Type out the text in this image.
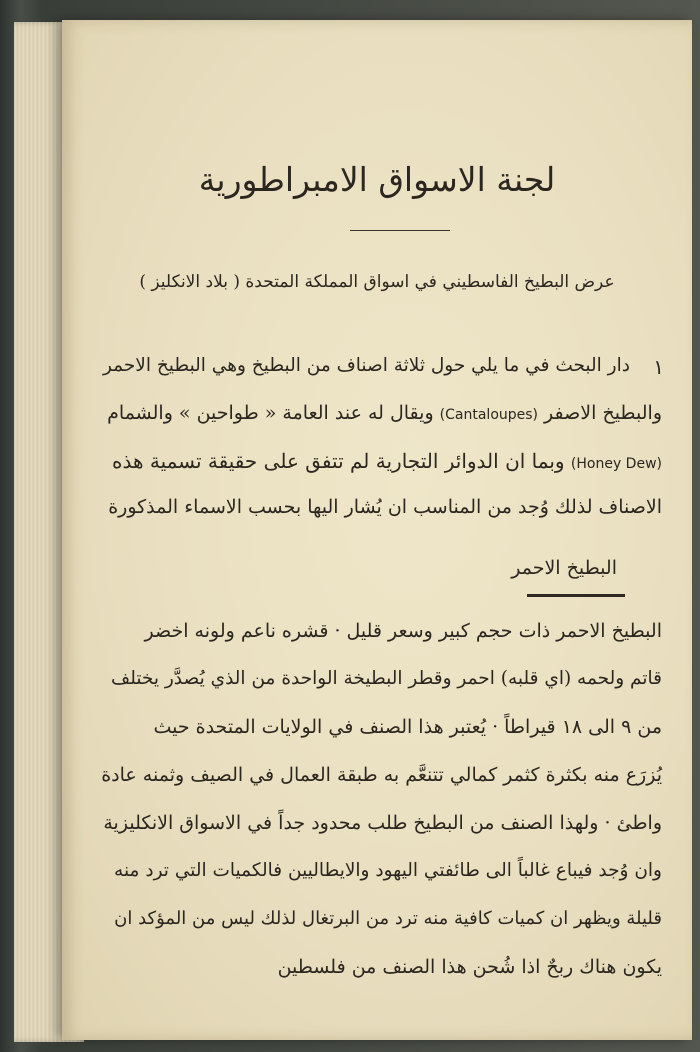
لجنة الاسواق الامبراطورية
عرض البطيخ الفاسطيني في اسواق المملكة المتحدة ( بلاد الانكليز )
١
دار البحث في ما يلي حول ثلاثة اصناف من البطيخ وهي البطيخ الاحمر
والبطيخ الاصفر (Cantaloupes) ويقال له عند العامة « طواحين » والشمام
(Honey Dew) وبما ان الدوائر التجارية لم تتفق على حقيقة تسمية هذه
الاصناف لذلك وُجد من المناسب ان يُشار اليها بحسب الاسماء المذكورة
البطيخ الاحمر
البطيخ الاحمر ذات حجم كبير وسعر قليل · قشره ناعم ولونه اخضر
قاتم ولحمه (اي قلبه) احمر وقطر البطيخة الواحدة من الذي يُصدَّر يختلف
من ٩ الى ١٨ قيراطاً · يُعتبر هذا الصنف في الولايات المتحدة حيث
يُزرَع منه بكثرة كثمر كمالي تتنعَّم به طبقة العمال في الصيف وثمنه عادة
واطئ · ولهذا الصنف من البطيخ طلب محدود جداً في الاسواق الانكليزية
وان وُجد فيباع غالباً الى طائفتي اليهود والايطاليين فالكميات التي ترد منه
قليلة ويظهر ان كميات كافية منه ترد من البرتغال لذلك ليس من المؤكد ان
يكون هناك ربحٌ اذا شُحن هذا الصنف من فلسطين
